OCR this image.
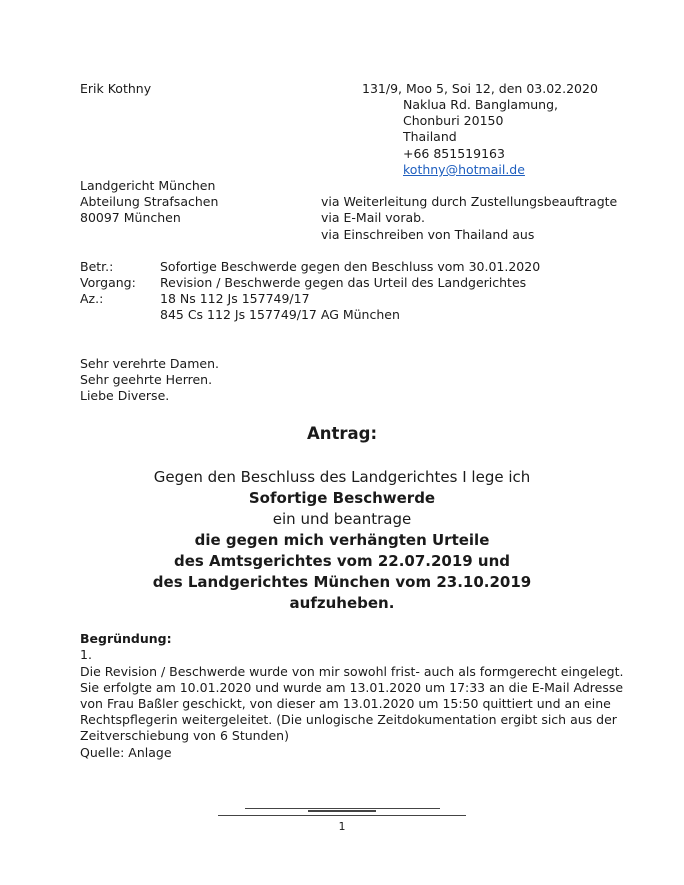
Erik Kothny	131/9, Moo 5, Soi 12, den 03.02.2020
Naklua Rd. Banglamung,
Chonburi 20150
Thailand
+66 851519163
kothny@hotmail.de
Landgericht München
Abteilung Strafsachen
80097 München
via Weiterleitung durch Zustellungsbeauftragte
via E-Mail vorab.
via Einschreiben von Thailand aus
Betr.:	Sofortige Beschwerde gegen den Beschluss vom 30.01.2020
Vorgang: Revision / Beschwerde gegen das Urteil des Landgerichtes
Az.:	18 Ns 112 Js 157749/17
845 Cs 112 Js 157749/17 AG München
Sehr verehrte Damen.
Sehr geehrte Herren.
Liebe Diverse.
Antrag:
Gegen den Beschluss des Landgerichtes I lege ich
Sofortige Beschwerde
ein und beantrage
die gegen mich verhängten Urteile
des Amtsgerichtes vom 22.07.2019 und
des Landgerichtes München vom 23.10.2019
aufzuheben.
Begründung:
1.
Die Revision / Beschwerde wurde von mir sowohl frist- auch als formgerecht eingelegt.
Sie erfolgte am 10.01.2020 und wurde am 13.01.2020 um 17:33 an die E-Mail Adresse
von Frau Baßler geschickt, von dieser am 13.01.2020 um 15:50 quittiert und an eine
Rechtspflegerin weitergeleitet. (Die unlogische Zeitdokumentation ergibt sich aus der
Zeitverschiebung von 6 Stunden)
Quelle: Anlage
1
